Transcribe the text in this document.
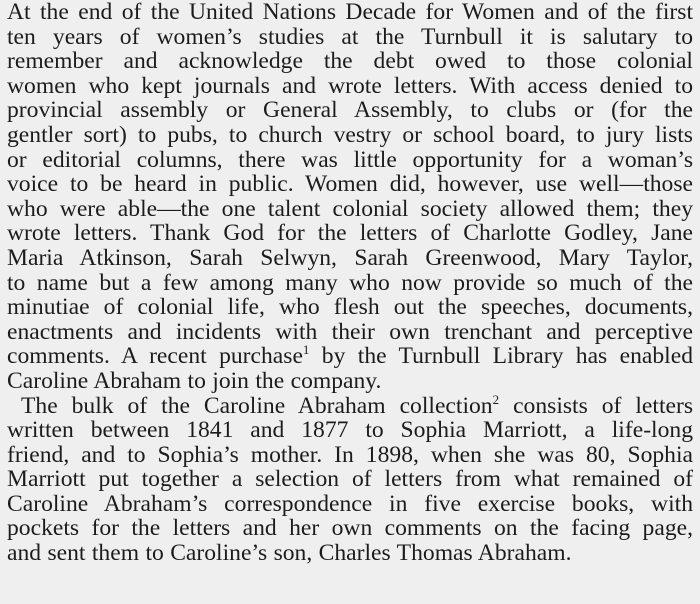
At the end of the United Nations Decade for Women and of the first
ten years of women’s studies at the Turnbull it is salutary to
remember and acknowledge the debt owed to those colonial
women who kept journals and wrote letters. With access denied to
provincial assembly or General Assembly, to clubs or (for the
gentler sort) to pubs, to church vestry or school board, to jury lists
or editorial columns, there was little opportunity for a woman’s
voice to be heard in public. Women did, however, use well—those
who were able—the one talent colonial society allowed them; they
wrote letters. Thank God for the letters of Charlotte Godley, Jane
Maria Atkinson, Sarah Selwyn, Sarah Greenwood, Mary Taylor,
to name but a few among many who now provide so much of the
minutiae of colonial life, who flesh out the speeches, documents,
enactments and incidents with their own trenchant and perceptive
comments. A recent purchase$^1$ by the Turnbull Library has enabled
Caroline Abraham to join the company.

The bulk of the Caroline Abraham collection$^2$ consists of letters
written between 1841 and 1877 to Sophia Marriott, a life-long
friend, and to Sophia’s mother. In 1898, when she was 80, Sophia
Marriott put together a selection of letters from what remained of
Caroline Abraham’s correspondence in five exercise books, with
pockets for the letters and her own comments on the facing page,
and sent them to Caroline’s son, Charles Thomas Abraham.
